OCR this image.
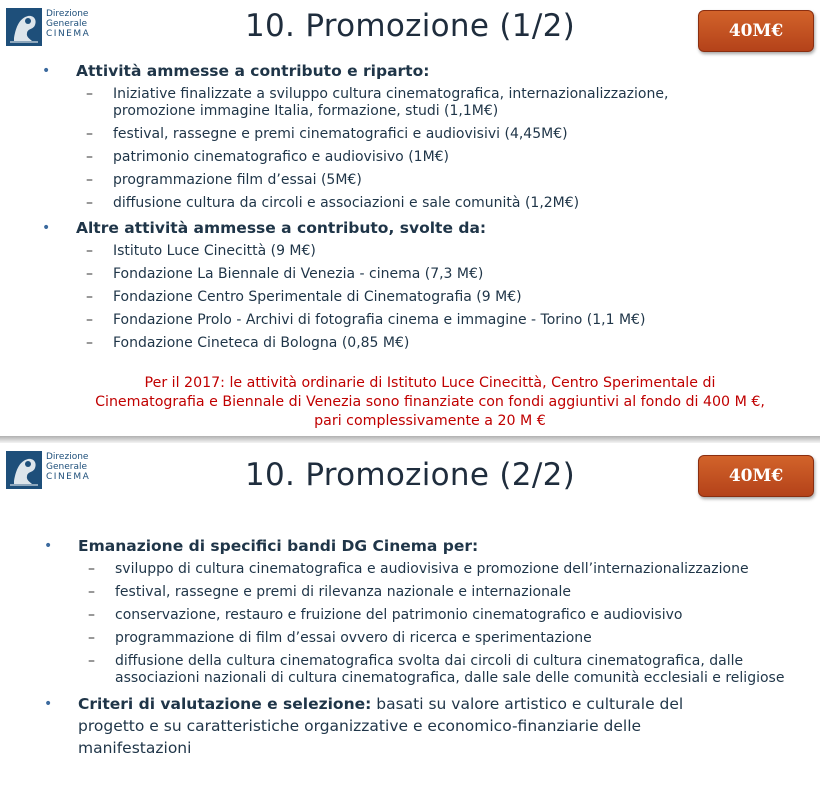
Direzione
Generale
CINEMA	10. Promozione (1/2)	40M€
• Attività ammesse a contributo e riparto:
– Iniziative finalizzate a sviluppo cultura cinematografica, internazionalizzazione, promozione immagine Italia, formazione, studi (1,1M€)
– festival, rassegne e premi cinematografici e audiovisivi (4,45M€)
– patrimonio cinematografico e audiovisivo (1M€)
– programmazione film d’essai (5M€)
– diffusione cultura da circoli e associazioni e sale comunità (1,2M€)
• Altre attività ammesse a contributo, svolte da:
– Istituto Luce Cinecittà (9 M€)
– Fondazione La Biennale di Venezia - cinema (7,3 M€)
– Fondazione Centro Sperimentale di Cinematografia (9 M€)
– Fondazione Prolo - Archivi di fotografia cinema e immagine - Torino (1,1 M€)
– Fondazione Cineteca di Bologna (0,85 M€)
Per il 2017: le attività ordinarie di Istituto Luce Cinecittà, Centro Sperimentale di Cinematografia e Biennale di Venezia sono finanziate con fondi aggiuntivi al fondo di 400 M €, pari complessivamente a 20 M €
Direzione
Generale
CINEMA	10. Promozione (2/2)	40M€
• Emanazione di specifici bandi DG Cinema per:
– sviluppo di cultura cinematografica e audiovisiva e promozione dell’internazionalizzazione
– festival, rassegne e premi di rilevanza nazionale e internazionale
– conservazione, restauro e fruizione del patrimonio cinematografico e audiovisivo
– programmazione di film d’essai ovvero di ricerca e sperimentazione
– diffusione della cultura cinematografica svolta dai circoli di cultura cinematografica, dalle associazioni nazionali di cultura cinematografica, dalle sale delle comunità ecclesiali e religiose
• Criteri di valutazione e selezione: basati su valore artistico e culturale del progetto e su caratteristiche organizzative e economico-finanziarie delle manifestazioni
